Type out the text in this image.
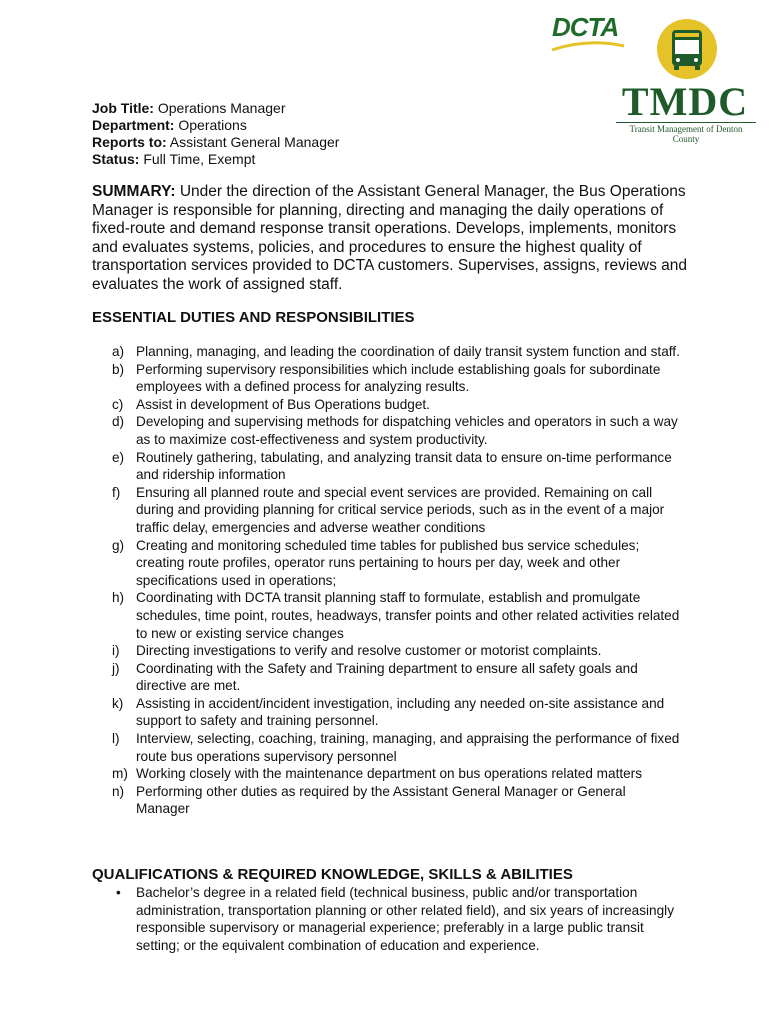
DCTA
TMDC
Transit Management of Denton County
Job Title: Operations Manager
Department: Operations
Reports to: Assistant General Manager
Status: Full Time, Exempt
SUMMARY: Under the direction of the Assistant General Manager, the Bus Operations Manager is responsible for planning, directing and managing the daily operations of fixed-route and demand response transit operations. Develops, implements, monitors and evaluates systems, policies, and procedures to ensure the highest quality of transportation services provided to DCTA customers. Supervises, assigns, reviews and evaluates the work of assigned staff.
ESSENTIAL DUTIES AND RESPONSIBILITIES
a) Planning, managing, and leading the coordination of daily transit system function and staff.
b) Performing supervisory responsibilities which include establishing goals for subordinate employees with a defined process for analyzing results.
c) Assist in development of Bus Operations budget.
d) Developing and supervising methods for dispatching vehicles and operators in such a way as to maximize cost-effectiveness and system productivity.
e) Routinely gathering, tabulating, and analyzing transit data to ensure on-time performance and ridership information
f)	Ensuring all planned route and special event services are provided. Remaining on call during and providing planning for critical service periods, such as in the event of a major traffic delay, emergencies and adverse weather conditions
g) Creating and monitoring scheduled time tables for published bus service schedules; creating route profiles, operator runs pertaining to hours per day, week and other specifications used in operations;
h) Coordinating with DCTA transit planning staff to formulate, establish and promulgate schedules, time point, routes, headways, transfer points and other related activities related to new or existing service changes
i)	Directing investigations to verify and resolve customer or motorist complaints.
j)	Coordinating with the Safety and Training department to ensure all safety goals and directive are met.
k) Assisting in accident/incident investigation, including any needed on-site assistance and support to safety and training personnel.
l)	Interview, selecting, coaching, training, managing, and appraising the performance of fixed route bus operations supervisory personnel
m) Working closely with the maintenance department on bus operations related matters
n) Performing other duties as required by the Assistant General Manager or General Manager
QUALIFICATIONS & REQUIRED KNOWLEDGE, SKILLS & ABILITIES
•	Bachelor’s degree in a related field (technical business, public and/or transportation administration, transportation planning or other related field), and six years of increasingly responsible supervisory or managerial experience; preferably in a large public transit setting; or the equivalent combination of education and experience.
